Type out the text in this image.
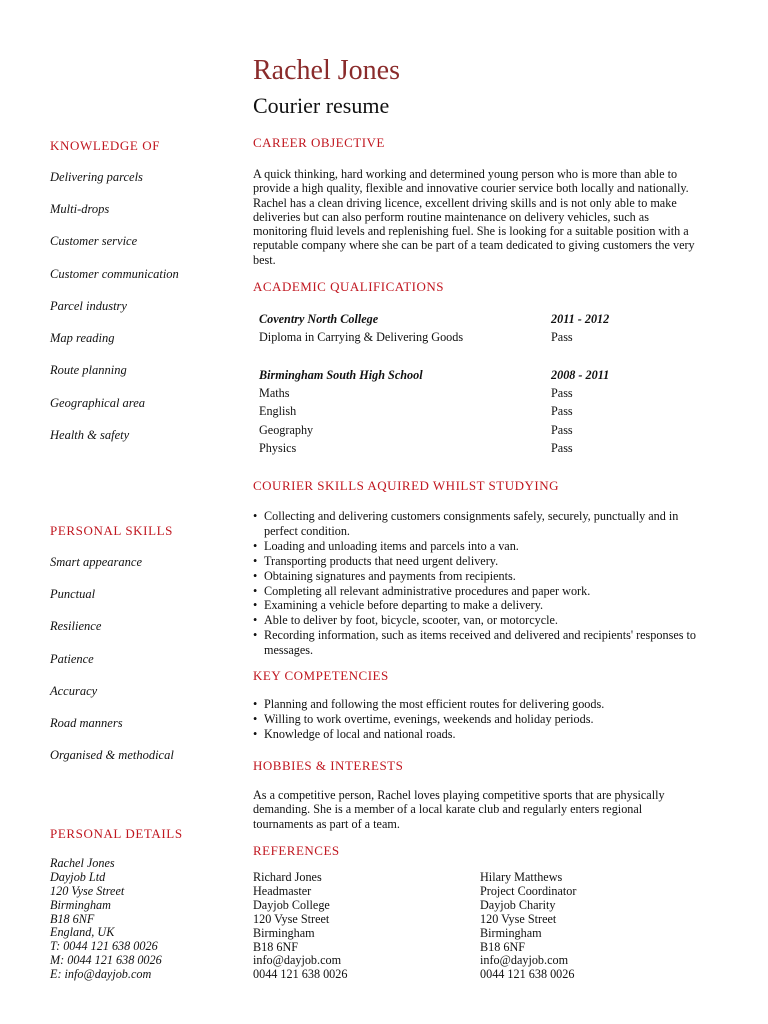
Rachel Jones
Courier resume
KNOWLEDGE OF
Delivering parcels
Multi-drops
Customer service
Customer communication
Parcel industry
Map reading
Route planning
Geographical area
Health & safety
PERSONAL SKILLS
Smart appearance
Punctual
Resilience
Patience
Accuracy
Road manners
Organised & methodical
PERSONAL DETAILS
Rachel Jones
Dayjob Ltd
120 Vyse Street
Birmingham
B18 6NF
England, UK
T: 0044 121 638 0026
M: 0044 121 638 0026
E: info@dayjob.com
CAREER OBJECTIVE
A quick thinking, hard working and determined young person who is more than able to provide a high quality, flexible and innovative courier service both locally and nationally. Rachel has a clean driving licence, excellent driving skills and is not only able to make deliveries but can also perform routine maintenance on delivery vehicles, such as monitoring fluid levels and replenishing fuel. She is looking for a suitable position with a reputable company where she can be part of a team dedicated to giving customers the very best.
ACADEMIC QUALIFICATIONS
Coventry North College	2011 - 2012
Diploma in Carrying & Delivering Goods	Pass
Birmingham South High School	2008 - 2011
Maths	Pass
English	Pass
Geography	Pass
Physics	Pass
COURIER SKILLS AQUIRED WHILST STUDYING
• Collecting and delivering customers consignments safely, securely, punctually and in perfect condition.
• Loading and unloading items and parcels into a van.
• Transporting products that need urgent delivery.
• Obtaining signatures and payments from recipients.
• Completing all relevant administrative procedures and paper work.
• Examining a vehicle before departing to make a delivery.
• Able to deliver by foot, bicycle, scooter, van, or motorcycle.
• Recording information, such as items received and delivered and recipients' responses to messages.
KEY COMPETENCIES
• Planning and following the most efficient routes for delivering goods.
• Willing to work overtime, evenings, weekends and holiday periods.
• Knowledge of local and national roads.
HOBBIES & INTERESTS
As a competitive person, Rachel loves playing competitive sports that are physically demanding. She is a member of a local karate club and regularly enters regional tournaments as part of a team.
REFERENCES
Richard Jones
Headmaster
Dayjob College
120 Vyse Street
Birmingham
B18 6NF
info@dayjob.com
0044 121 638 0026
Hilary Matthews
Project Coordinator
Dayjob Charity
120 Vyse Street
Birmingham
B18 6NF
info@dayjob.com
0044 121 638 0026
